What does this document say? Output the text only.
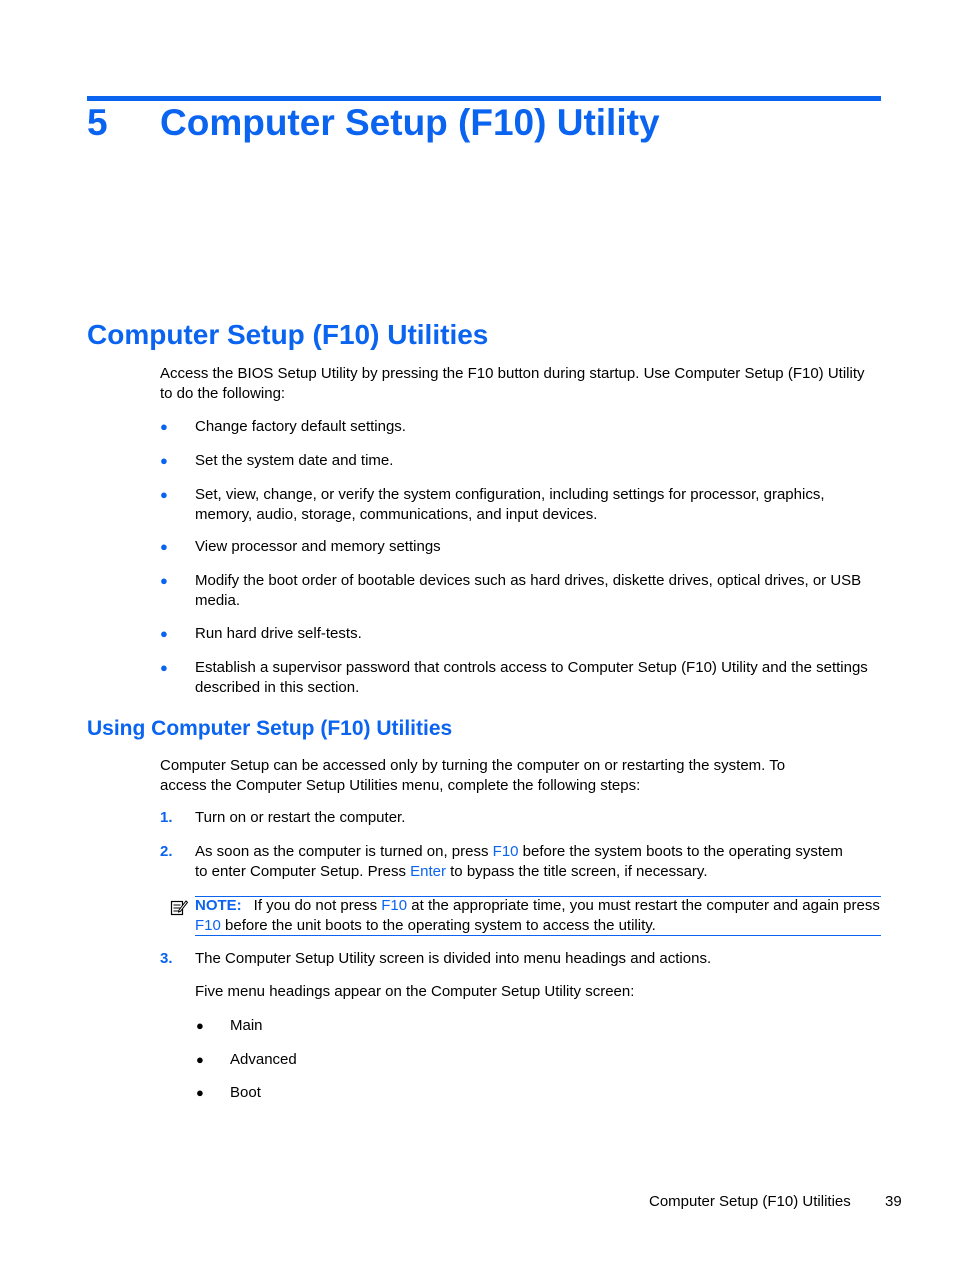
5 Computer Setup (F10) Utility
Computer Setup (F10) Utilities
Access the BIOS Setup Utility by pressing the F10 button during startup. Use Computer Setup (F10) Utility to do the following:
● Change factory default settings.
● Set the system date and time.
● Set, view, change, or verify the system configuration, including settings for processor, graphics, memory, audio, storage, communications, and input devices.
● View processor and memory settings
● Modify the boot order of bootable devices such as hard drives, diskette drives, optical drives, or USB media.
● Run hard drive self-tests.
● Establish a supervisor password that controls access to Computer Setup (F10) Utility and the settings described in this section.
Using Computer Setup (F10) Utilities
Computer Setup can be accessed only by turning the computer on or restarting the system. To access the Computer Setup Utilities menu, complete the following steps:
1. Turn on or restart the computer.
2. As soon as the computer is turned on, press F10 before the system boots to the operating system to enter Computer Setup. Press Enter to bypass the title screen, if necessary.
NOTE: If you do not press F10 at the appropriate time, you must restart the computer and again press F10 before the unit boots to the operating system to access the utility.
3. The Computer Setup Utility screen is divided into menu headings and actions.
Five menu headings appear on the Computer Setup Utility screen:
● Main
● Advanced
● Boot
Computer Setup (F10) Utilities 39
